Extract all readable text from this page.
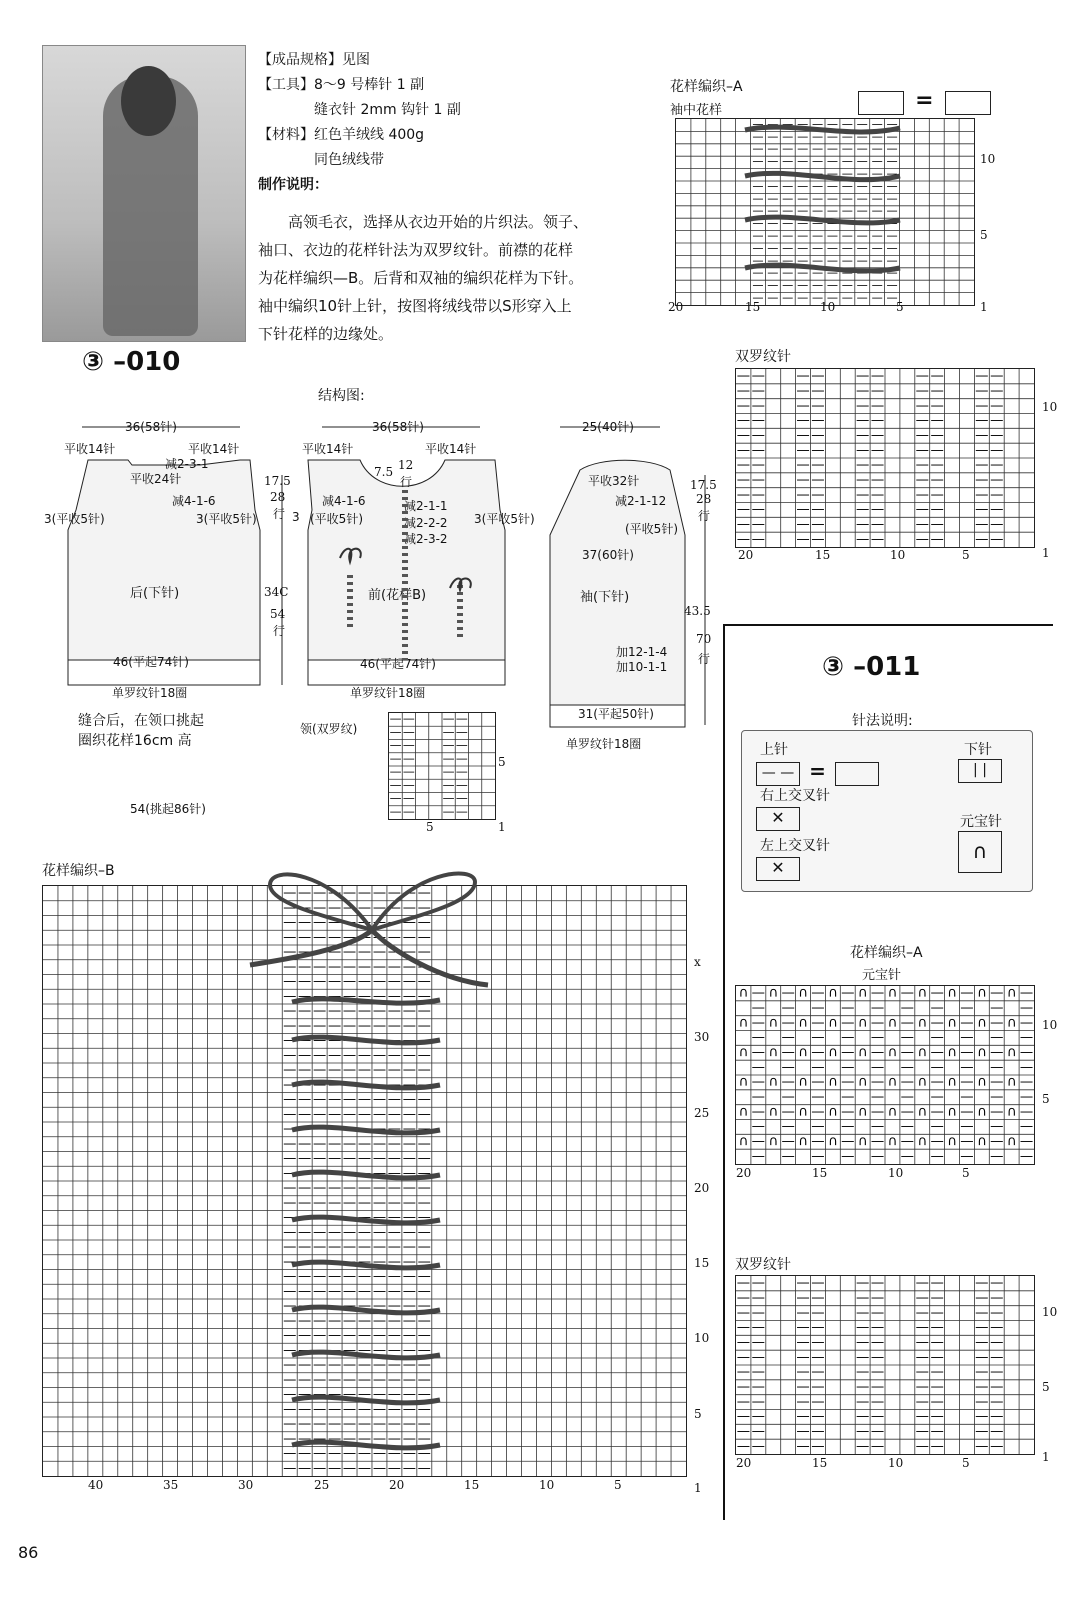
【成品规格】见图
【工具】8～9 号棒针 1 副
　　　　缝衣针 2mm 钩针 1 副
【材料】红色羊绒线 400g
　　　　同色绒线带
制作说明：
　　高领毛衣，选择从衣边开始的片织法。领子、
袖口、衣边的花样针法为双罗纹针。前襟的花样
为花样编织—B。后背和双袖的编织花样为下针。
袖中编织10针上针，按图将绒线带以S形穿入上
下针花样的边缘处。
花样编织–A
袖中花样	=
—
—
—
—
—
—
—
—
—
—
—
—
—
—
—
—
—
—
—
—
—
—
—
—
—
—
—
—
—
—
—
—
—
—
—
—
—
—
—
—
—
—
—
—
—
—
—
—
—
—
—
—
—
—
—
—
—
—
—
—
—
—
—
—
—
—
—
—
—
—
—
—
—
—
—
—
—
—
—
—
—
—
—
—
—
—
—
—
—
—
—
—
—
—
—
—
—
—
—
—
—
—
—
—
—
—
—
—
—
—
—
—
—
—
—
—
—
—
—
—
—
—
—
—
—
—
—
—
—
—
—
—
—
—
—
—
—
—
—
—
—
—
—
—
—
—
—
—
—
—
10
5
1
20	15	10	5
③ –010
结构图:
双罗纹针
—
—
—
—
—
—
—
—
—
—
—
—
—
—
—
—
—
—
—
—
—
—
—
—
—
—
—
—
—
—
—
—
—
—
—
—
—
—
—
—
—
—
—
—
—
—
—
—
—
—
—
—
—
—
—
—
—
—
—
—
—
—
—
—
—
—
—
—
—
—
—
—
—
—
—
—
—
—
—
—
—
—
—
—
—
—
—
—
—
—
—
—
—
—
—
—
—
—
—
—
—
—
—
—
—
—
—
—
—
—
—
—
—
—
—
—
—
—
—
—
10
1
20	15	10	5
36(58针)
平收14针	平收14针
减2-3-1
平收24针
减4-1-6
3(平收5针)	3(平收5针)
后(下针)
46(平起74针)
单罗纹针18圈
17.5
28
行 3
34C
54
行
36(58针)
平收14针	平收14针
7.5 12
行
减4-1-6	减2-1-1
减2-2-2
减2-3-2
(平收5针)	3(平收5针)
前(花样B)
46(平起74针)
单罗纹针18圈
25(40针)
平收32针
减2-1-12
(平收5针)
17.5
28
行
37(60针)
袖(下针)
43.5
70
行
加12-1-4
加10-1-1
31(平起50针)
单罗纹针18圈
缝合后，在领口挑起
圈织花样16cm 高
54(挑起86针)
领(双罗纹)
—
—
—
—
—
—
—
—
—
—
—
—
—
—
—
—
—
—
—
—
—
—
—
—
—
—
—
—
—
—
—
—
5
5	1
花样编织–B
—
—
—
—
—
—
—
—
—
—
—
—
—
—
—
—
—
—
—
—
—
—
—
—
—
—
—
—
—
—
—
—
—
—
—
—
—
—
—
—
—
—
—
—
—
—
—
—
—
—
—
—
—
—
—
—
—
—
—
—
—
—
—
—
—
—
—
—
—
—
—
—
—
—
—
—
—
—
—
—
—
—
—
—
—
—
—
—
—
—
—
—
—
—
—
—
—
—
—
—
—
—
—
—
—
—
—
—
—
—
—
—
—
—
—
—
—
—
—
—
—
—
—
—
—
—
—
—
—
—
—
—
—
—
—
—
—
—
—
—
—
—
—
—
—
—
—
—
—
—
—
—
—
—
—
—
—
—
—
—
—
—
—
—
—
—
—
—
—
—
—
—
—
—
—
—
—
—
—
—
—
—
—
—
—
—
—
—
—
—
—
—
—
—
—
—
—
—
—
—
—
—
—
—
—
—
—
—
—
—
—
—
—
—
—
—
—
—
—
—
—
—
—
—
—
—
—
—
—
—
—
—
—
—
—
—
—
—
—
—
—
—
—
—
—
—
—
—
—
—
—
—
—
—
—
—
—
—
—
—
—
—
—
—
—
—
—
—
—
—
—
—
—
—
—
—
—
—
—
—
—
—
—
—
—
—
—
—
—
—
—
—
—
—
—
—
—
—
—
—
—
—
—
—
—
—
—
—
—
—
—
—
—
—
—
—
—
—
—
—
—
—
—
—
—
—
—
—
—
—
—
—
—
—
—
—
—
—
—
—
—
—
—
—
—
—
—
—
—
—
—
—
—
—
—
—
—
—
—
—
—
—
—
—
—
—
—
—
—
—
—
—
—
—
—
—
—
—
—
—
—
—
—
—
—
—
—
—
—
—
—
—
—
—
—
—
—
—
—
—
x
30
25
20
15
10
5
1
40	35	30	25	20	15	10	5
③ –011
针法说明:
上针
— — =
下针
| |
右上交叉针
✕	元宝针
∩
左上交叉针
✕
花样编织–A
元宝针
∩
∩
∩
∩
∩
∩
—
—
—
—
—
—
—
—
—
—
—
—
∩
∩
∩
∩
∩
∩
—
—
—
—
—
—
—
—
—
—
—
—
∩
∩
∩
∩
∩
∩
—
—
—
—
—
—
—
—
—
—
—
—
∩
∩
∩
∩
∩
∩
—
—
—
—
—
—
—
—
—
—
—
—
∩
∩
∩
∩
∩
∩
—
—
—
—
—
—
—
—
—
—
—
—
∩
∩
∩
∩
∩
∩
—
—
—
—
—
—
—
—
—
—
—
—
∩
∩
∩
∩
∩
∩
—
—
—
—
—
—
—
—
—
—
—
—
∩
∩
∩
∩
∩
∩
—
—
—
—
—
—
—
—
—
—
—
—
∩
∩
∩
∩
∩
∩
—
—
—
—
—
—
—
—
—
—
—
—
∩
∩
∩
∩
∩
∩
—
—
—
—
—
—
—
—
—
—
—
—
10
5
20	15	10	5
双罗纹针
—
—
—
—
—
—
—
—
—
—
—
—
—
—
—
—
—
—
—
—
—
—
—
—
—
—
—
—
—
—
—
—
—
—
—
—
—
—
—
—
—
—
—
—
—
—
—
—
—
—
—
—
—
—
—
—
—
—
—
—
—
—
—
—
—
—
—
—
—
—
—
—
—
—
—
—
—
—
—
—
—
—
—
—
—
—
—
—
—
—
—
—
—
—
—
—
—
—
—
—
—
—
—
—
—
—
—
—
—
—
—
—
—
—
—
—
—
—
—
—
10
5
1
20	15	10	5
86
